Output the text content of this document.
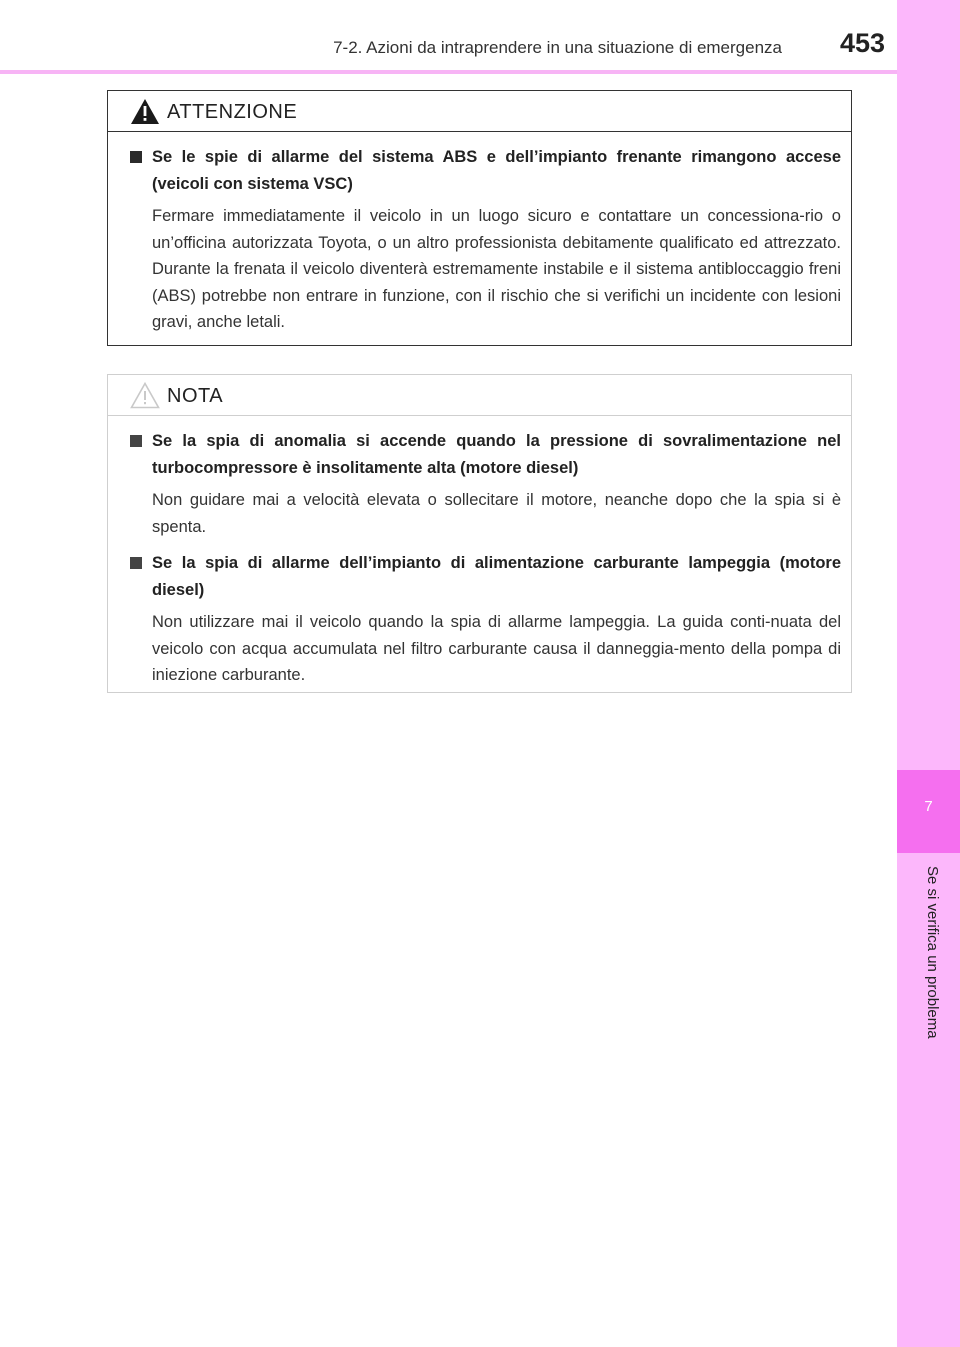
7-2. Azioni da intraprendere in una situazione di emergenza 453
7
Se si verifica un problema
ATTENZIONE
Se le spie di allarme del sistema ABS e dell’impianto frenante rimangono accese (veicoli con sistema VSC)
Fermare immediatamente il veicolo in un luogo sicuro e contattare un concessiona-rio o un’officina autorizzata Toyota, o un altro professionista debitamente qualificato ed attrezzato. Durante la frenata il veicolo diventerà estremamente instabile e il sistema antibloccaggio freni (ABS) potrebbe non entrare in funzione, con il rischio che si verifichi un incidente con lesioni gravi, anche letali.
NOTA
Se la spia di anomalia si accende quando la pressione di sovralimentazione nel turbocompressore è insolitamente alta (motore diesel)
Non guidare mai a velocità elevata o sollecitare il motore, neanche dopo che la spia si è spenta.
Se la spia di allarme dell’impianto di alimentazione carburante lampeggia (motore diesel)
Non utilizzare mai il veicolo quando la spia di allarme lampeggia. La guida conti-nuata del veicolo con acqua accumulata nel filtro carburante causa il danneggia-mento della pompa di iniezione carburante.
